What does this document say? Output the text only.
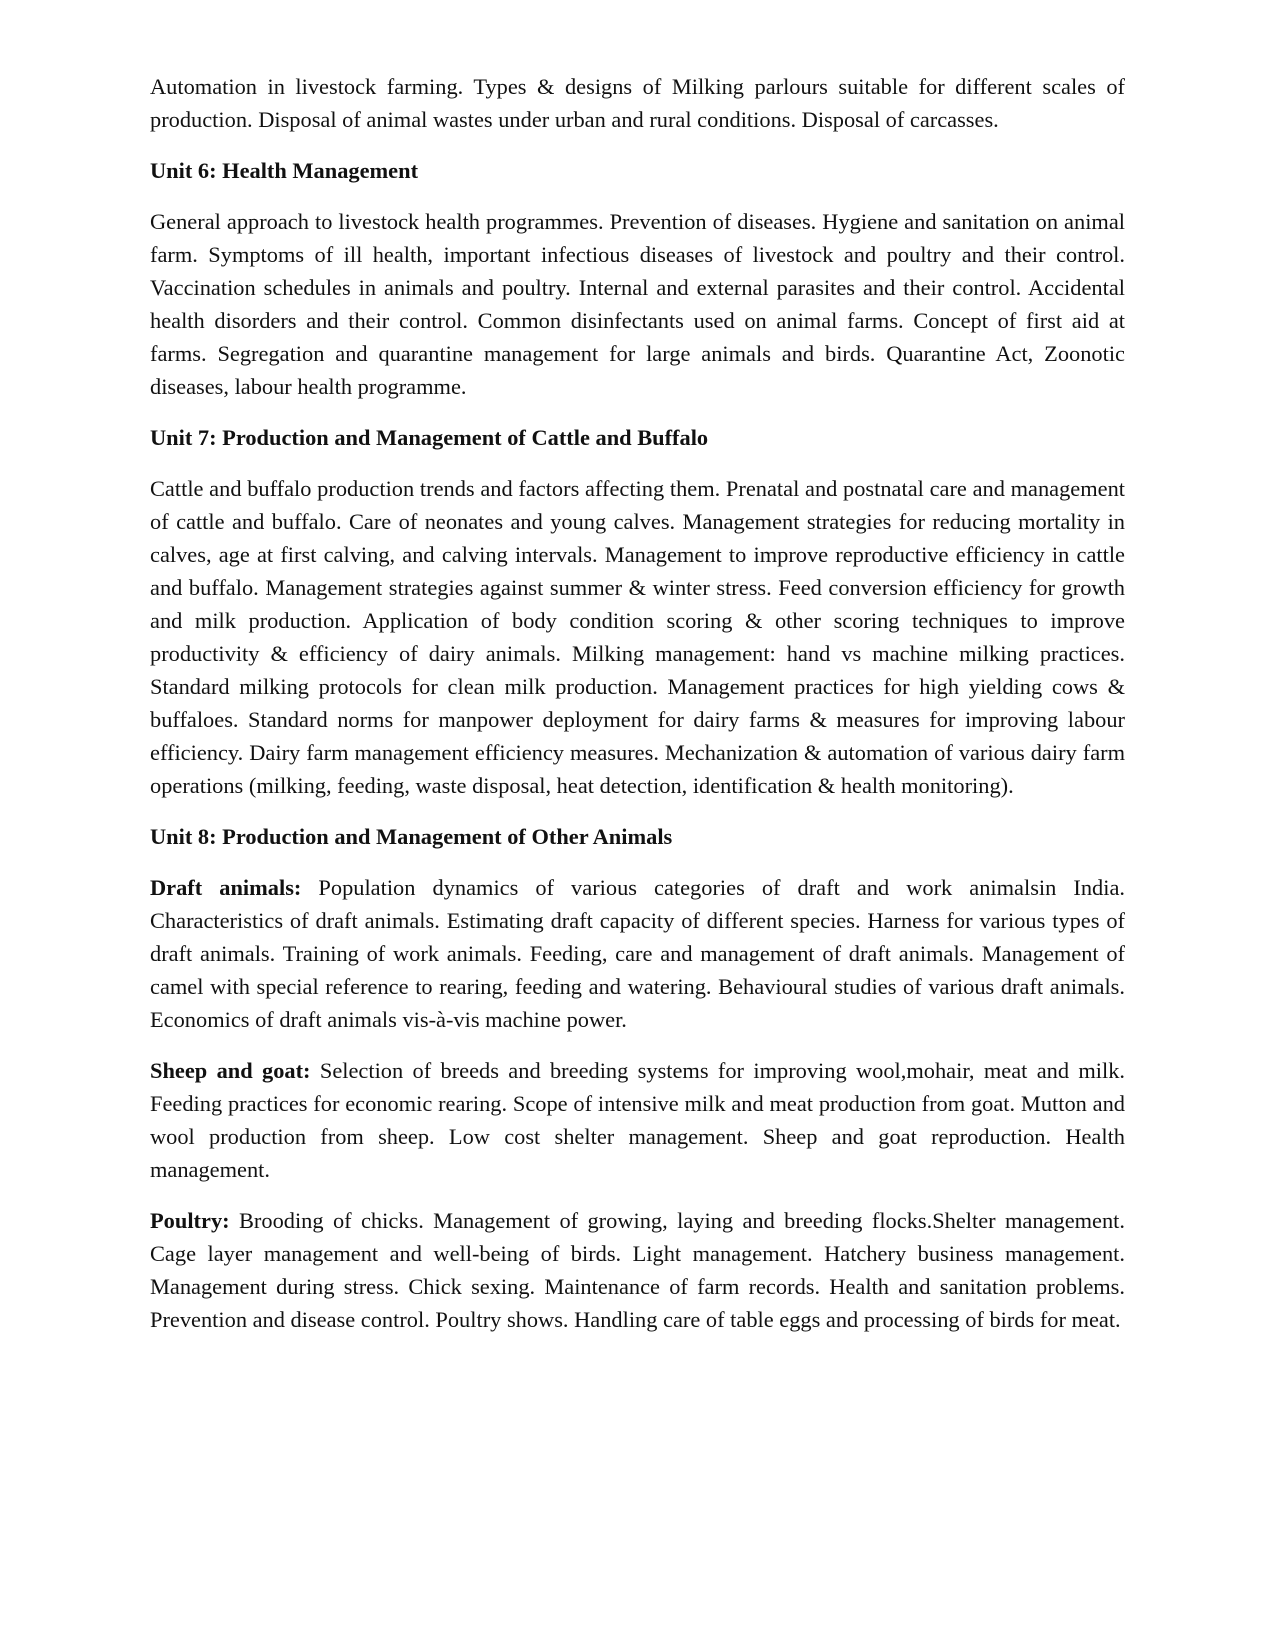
Automation in livestock farming. Types & designs of Milking parlours suitable for different scales of production. Disposal of animal wastes under urban and rural conditions. Disposal of carcasses.

Unit 6: Health Management

General approach to livestock health programmes. Prevention of diseases. Hygiene and sanitation on animal farm. Symptoms of ill health, important infectious diseases of livestock and poultry and their control. Vaccination schedules in animals and poultry. Internal and external parasites and their control. Accidental health disorders and their control. Common disinfectants used on animal farms. Concept of first aid at farms. Segregation and quarantine management for large animals and birds. Quarantine Act, Zoonotic diseases, labour health programme.

Unit 7: Production and Management of Cattle and Buffalo

Cattle and buffalo production trends and factors affecting them. Prenatal and postnatal care and management of cattle and buffalo. Care of neonates and young calves. Management strategies for reducing mortality in calves, age at first calving, and calving intervals. Management to improve reproductive efficiency in cattle and buffalo. Management strategies against summer & winter stress. Feed conversion efficiency for growth and milk production. Application of body condition scoring & other scoring techniques to improve productivity & efficiency of dairy animals. Milking management: hand vs machine milking practices. Standard milking protocols for clean milk production. Management practices for high yielding cows & buffaloes. Standard norms for manpower deployment for dairy farms & measures for improving labour efficiency. Dairy farm management efficiency measures. Mechanization & automation of various dairy farm operations (milking, feeding, waste disposal, heat detection, identification & health monitoring).

Unit 8: Production and Management of Other Animals

Draft animals: Population dynamics of various categories of draft and work animalsin India. Characteristics of draft animals. Estimating draft capacity of different species. Harness for various types of draft animals. Training of work animals. Feeding, care and management of draft animals. Management of camel with special reference to rearing, feeding and watering. Behavioural studies of various draft animals. Economics of draft animals vis-à-vis machine power.

Sheep and goat: Selection of breeds and breeding systems for improving wool,mohair, meat and milk. Feeding practices for economic rearing. Scope of intensive milk and meat production from goat. Mutton and wool production from sheep. Low cost shelter management. Sheep and goat reproduction. Health management.

Poultry: Brooding of chicks. Management of growing, laying and breeding flocks.Shelter management. Cage layer management and well-being of birds. Light management. Hatchery business management. Management during stress. Chick sexing. Maintenance of farm records. Health and sanitation problems. Prevention and disease control. Poultry shows. Handling care of table eggs and processing of birds for meat.
